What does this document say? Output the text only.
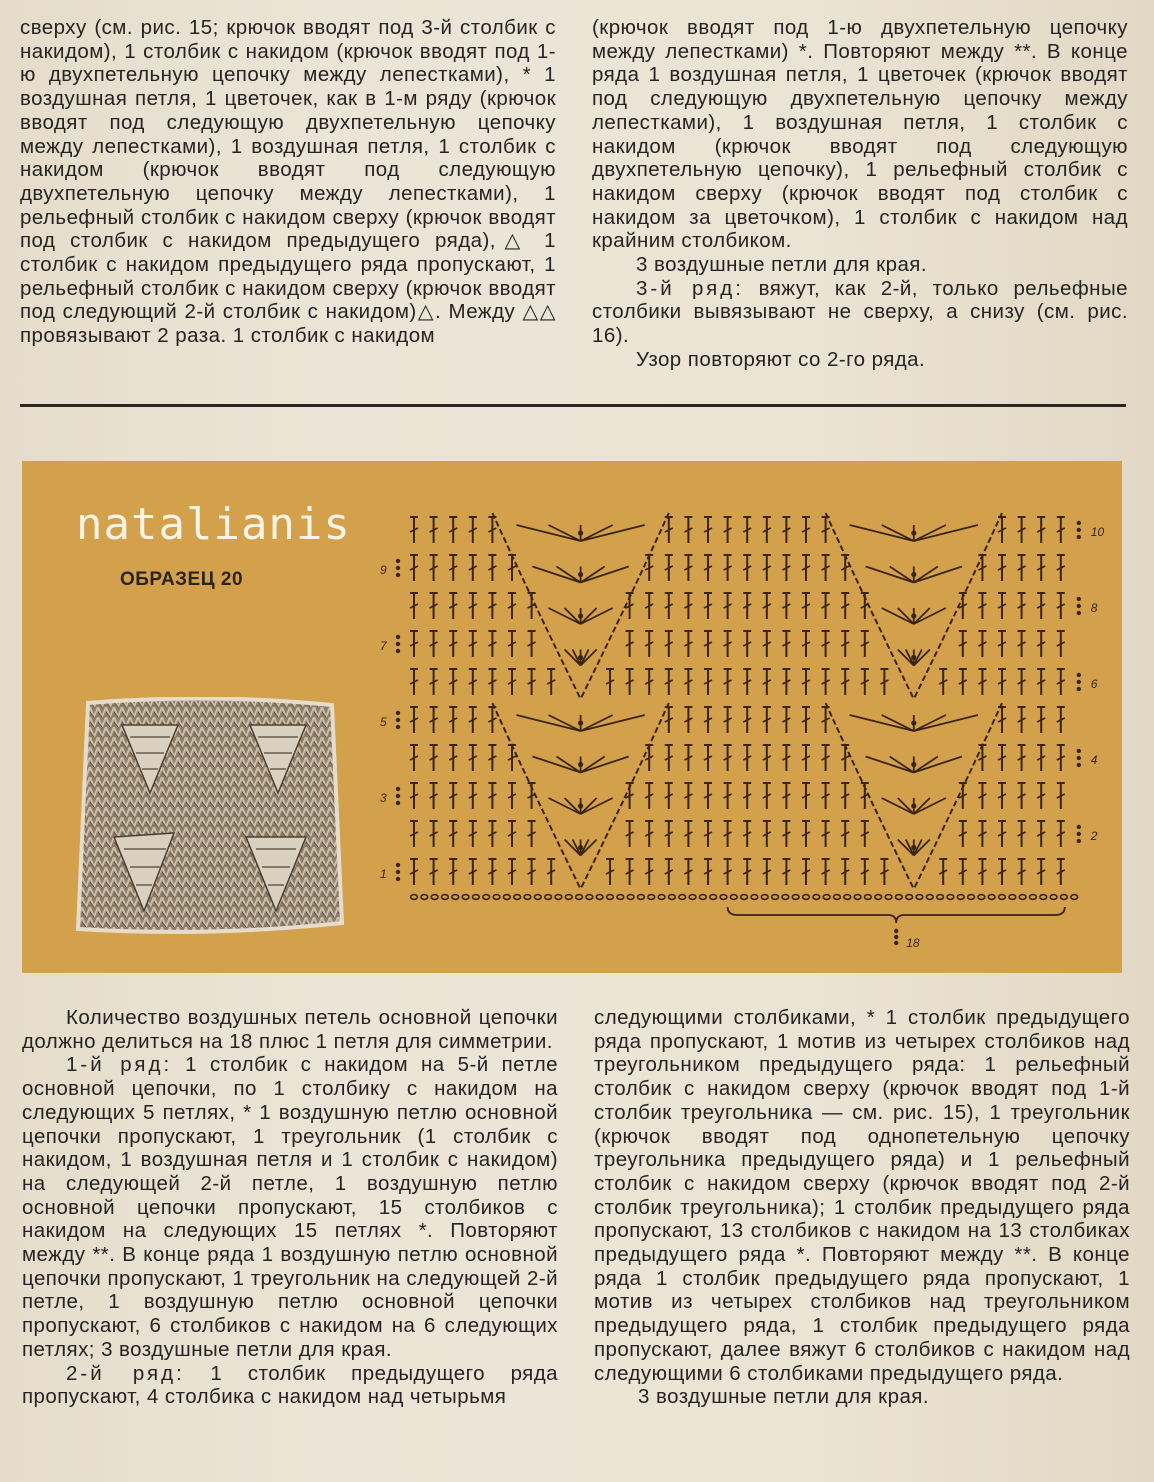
сверху (см. рис. 15; крючок вводят под 3-й столбик с накидом), 1 столбик с накидом (крючок вводят под 1-ю двухпетельную цепочку между лепестками), * 1 воздушная петля, 1 цветочек, как в 1-м ряду (крючок вводят под следующую двухпетельную цепочку между лепестками), 1 воздушная петля, 1 столбик с накидом (крючок вводят под следующую двухпетельную цепочку между лепестками), 1 рельефный столбик с накидом сверху (крючок вводят под столбик с накидом предыдущего ряда),△ 1 столбик с накидом предыдущего ряда пропускают, 1 рельефный столбик с накидом сверху (крючок вводят под следующий 2-й столбик с накидом)△. Между △△ провязывают 2 раза. 1 столбик с накидом

(крючок вводят под 1-ю двухпетельную цепочку между лепестками) *. Повторяют между **. В конце ряда 1 воздушная петля, 1 цветочек (крючок вводят под следующую двухпетельную цепочку между лепестками), 1 воздушная петля, 1 столбик с накидом (крючок вводят под следующую двухпетельную цепочку), 1 рельефный столбик с накидом сверху (крючок вводят под столбик с накидом за цветочком), 1 столбик с накидом над крайним столбиком.

3 воздушные петли для края.

3-й ряд: вяжут, как 2-й, только рельефные столбики вывязывают не сверху, а снизу (см. рис. 16).

Узор повторяют со 2-го ряда.

natalianis
ОБРАЗЕЦ 20	9
7
5
3
1
10
8
6
4
2
18

Количество воздушных петель основной цепочки должно делиться на 18 плюс 1 петля для симметрии.

1-й ряд: 1 столбик с накидом на 5-й петле основной цепочки, по 1 столбику с накидом на следующих 5 петлях, * 1 воздушную петлю основной цепочки пропускают, 1 треугольник (1 столбик с накидом, 1 воздушная петля и 1 столбик с накидом) на следующей 2-й петле, 1 воздушную петлю основной цепочки пропускают, 15 столбиков с накидом на следующих 15 петлях *. Повторяют между **. В конце ряда 1 воздушную петлю основной цепочки пропускают, 1 треугольник на следующей 2-й петле, 1 воздушную петлю основной цепочки пропускают, 6 столбиков с накидом на 6 следующих петлях; 3 воздушные петли для края.

2-й ряд: 1 столбик предыдущего ряда пропускают, 4 столбика с накидом над четырьмя

следующими столбиками, * 1 столбик предыдущего ряда пропускают, 1 мотив из четырех столбиков над треугольником предыдущего ряда: 1 рельефный столбик с накидом сверху (крючок вводят под 1-й столбик треугольника — см. рис. 15), 1 треугольник (крючок вводят под однопетельную цепочку треугольника предыдущего ряда) и 1 рельефный столбик с накидом сверху (крючок вводят под 2-й столбик треугольника); 1 столбик предыдущего ряда пропускают, 13 столбиков с накидом на 13 столбиках предыдущего ряда *. Повторяют между **. В конце ряда 1 столбик предыдущего ряда пропускают, 1 мотив из четырех столбиков над треугольником предыдущего ряда, 1 столбик предыдущего ряда пропускают, далее вяжут 6 столбиков с накидом над следующими 6 столбиками предыдущего ряда.

3 воздушные петли для края.
